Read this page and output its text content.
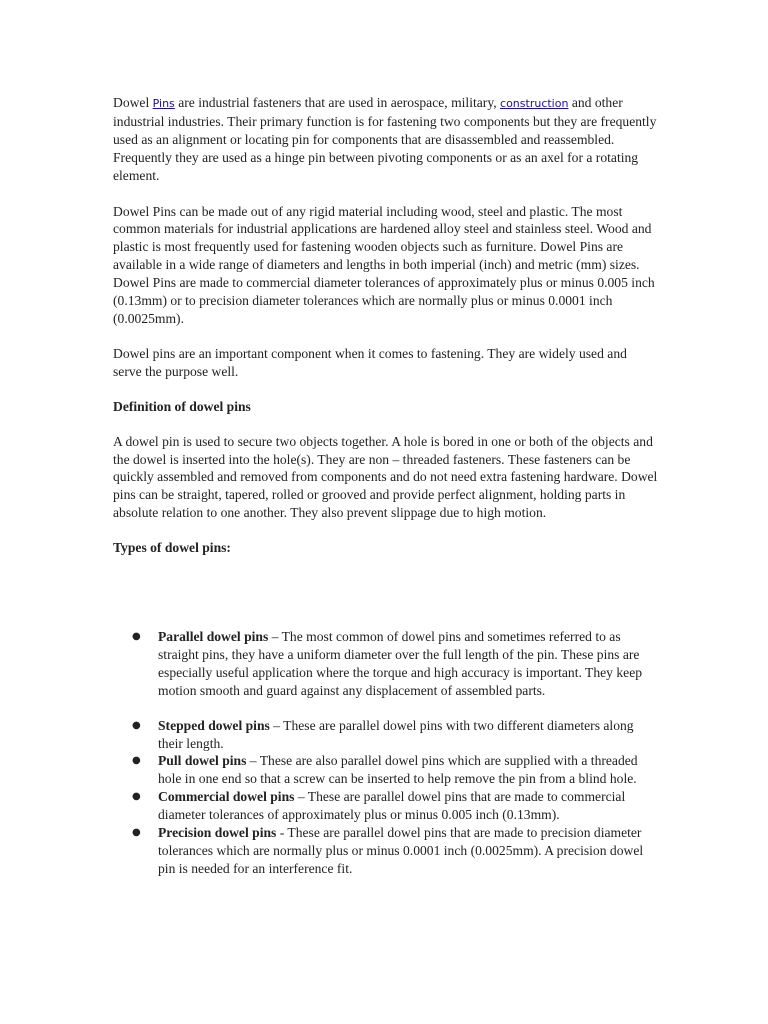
Dowel Pins are industrial fasteners that are used in aerospace, military, construction and other industrial industries. Their primary function is for fastening two components but they are frequently used as an alignment or locating pin for components that are disassembled and reassembled. Frequently they are used as a hinge pin between pivoting components or as an axel for a rotating element.

Dowel Pins can be made out of any rigid material including wood, steel and plastic. The most common materials for industrial applications are hardened alloy steel and stainless steel. Wood and plastic is most frequently used for fastening wooden objects such as furniture. Dowel Pins are available in a wide range of diameters and lengths in both imperial (inch) and metric (mm) sizes. Dowel Pins are made to commercial diameter tolerances of approximately plus or minus 0.005 inch (0.13mm) or to precision diameter tolerances which are normally plus or minus 0.0001 inch (0.0025mm).

Dowel pins are an important component when it comes to fastening. They are widely used and serve the purpose well.

Definition of dowel pins

A dowel pin is used to secure two objects together. A hole is bored in one or both of the objects and the dowel is inserted into the hole(s). They are non – threaded fasteners. These fasteners can be quickly assembled and removed from components and do not need extra fastening hardware. Dowel pins can be straight, tapered, rolled or grooved and provide perfect alignment, holding parts in absolute relation to one another. They also prevent slippage due to high motion.

Types of dowel pins:

● Parallel dowel pins – The most common of dowel pins and sometimes referred to as straight pins, they have a uniform diameter over the full length of the pin. These pins are especially useful application where the torque and high accuracy is important. They keep motion smooth and guard against any displacement of assembled parts.
● Stepped dowel pins – These are parallel dowel pins with two different diameters along their length.
● Pull dowel pins – These are also parallel dowel pins which are supplied with a threaded hole in one end so that a screw can be inserted to help remove the pin from a blind hole.
● Commercial dowel pins – These are parallel dowel pins that are made to commercial diameter tolerances of approximately plus or minus 0.005 inch (0.13mm).
● Precision dowel pins - These are parallel dowel pins that are made to precision diameter tolerances which are normally plus or minus 0.0001 inch (0.0025mm). A precision dowel pin is needed for an interference fit.
